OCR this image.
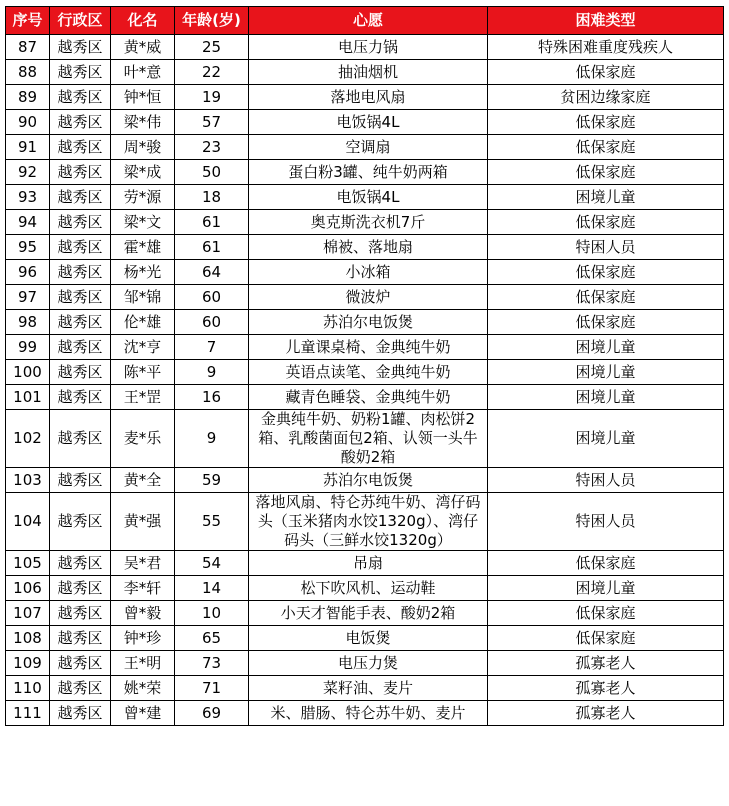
序号	行政区	化名	年龄(岁)	心愿	困难类型
87	越秀区	黄*威	25	电压力锅	特殊困难重度残疾人
88	越秀区	叶*意	22	抽油烟机	低保家庭
89	越秀区	钟*恒	19	落地电风扇	贫困边缘家庭
90	越秀区	梁*伟	57	电饭锅4L	低保家庭
91	越秀区	周*骏	23	空调扇	低保家庭
92	越秀区	梁*成	50	蛋白粉3罐、纯牛奶两箱	低保家庭
93	越秀区	劳*源	18	电饭锅4L	困境儿童
94	越秀区	梁*文	61	奥克斯洗衣机7斤	低保家庭
95	越秀区	霍*雄	61	棉被、落地扇	特困人员
96	越秀区	杨*光	64	小冰箱	低保家庭
97	越秀区	邹*锦	60	微波炉	低保家庭
98	越秀区	伦*雄	60	苏泊尔电饭煲	低保家庭
99	越秀区	沈*亨	7	儿童课桌椅、金典纯牛奶	困境儿童
100	越秀区	陈*平	9	英语点读笔、金典纯牛奶	困境儿童
101	越秀区	王*罡	16	藏青色睡袋、金典纯牛奶	困境儿童
102	越秀区	麦*乐	9	金典纯牛奶、奶粉1罐、肉松饼2箱、乳酸菌面包2箱、认领一头牛酸奶2箱	困境儿童
103	越秀区	黄*全	59	苏泊尔电饭煲	特困人员
104	越秀区	黄*强	55	落地风扇、特仑苏纯牛奶、湾仔码头（玉米猪肉水饺1320g）、湾仔码头（三鲜水饺1320g）	特困人员
105	越秀区	吴*君	54	吊扇	低保家庭
106	越秀区	李*轩	14	松下吹风机、运动鞋	困境儿童
107	越秀区	曾*毅	10	小天才智能手表、酸奶2箱	低保家庭
108	越秀区	钟*珍	65	电饭煲	低保家庭
109	越秀区	王*明	73	电压力煲	孤寡老人
110	越秀区	姚*荣	71	菜籽油、麦片	孤寡老人
111	越秀区	曾*建	69	米、腊肠、特仑苏牛奶、麦片	孤寡老人
